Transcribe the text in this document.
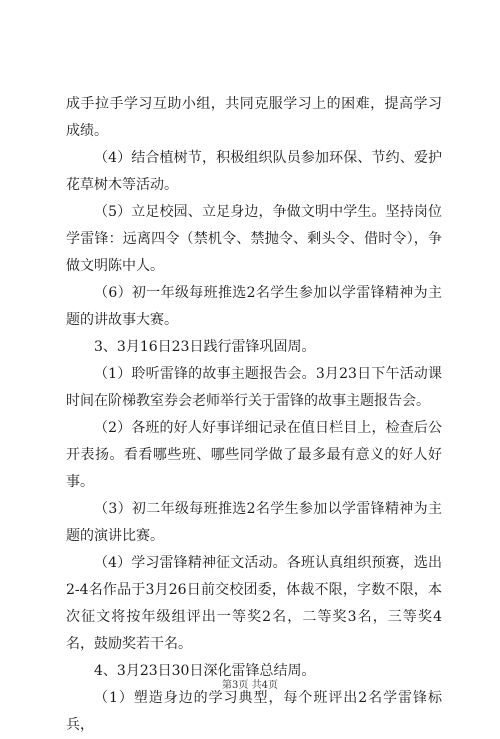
成手拉手学习互助小组，共同克服学习上的困难，提高学习成绩。

（4）结合植树节，积极组织队员参加环保、节约、爱护花草树木等活动。

（5）立足校园、立足身边，争做文明中学生。坚持岗位学雷锋：远离四令（禁机令、禁抛令、剩头令、借时令），争做文明陈中人。

（6）初一年级每班推选2名学生参加以学雷锋精神为主题的讲故事大赛。

3、3月16日23日践行雷锋巩固周。

（1）聆听雷锋的故事主题报告会。3月23日下午活动课时间在阶梯教室券会老师举行关于雷锋的故事主题报告会。

（2）各班的好人好事详细记录在值日栏目上，检查后公开表扬。看看哪些班、哪些同学做了最多最有意义的好人好事。

（3）初二年级每班推选2名学生参加以学雷锋精神为主题的演讲比赛。

（4）学习雷锋精神征文活动。各班认真组织预赛，选出2-4名作品于3月26日前交校团委，体裁不限，字数不限，本次征文将按年级组评出一等奖2名，二等奖3名，三等奖4名，鼓励奖若干名。

4、3月23日30日深化雷锋总结周。

（1）塑造身边的学习典型，每个班评出2名学雷锋标兵，

第3页 共4页
